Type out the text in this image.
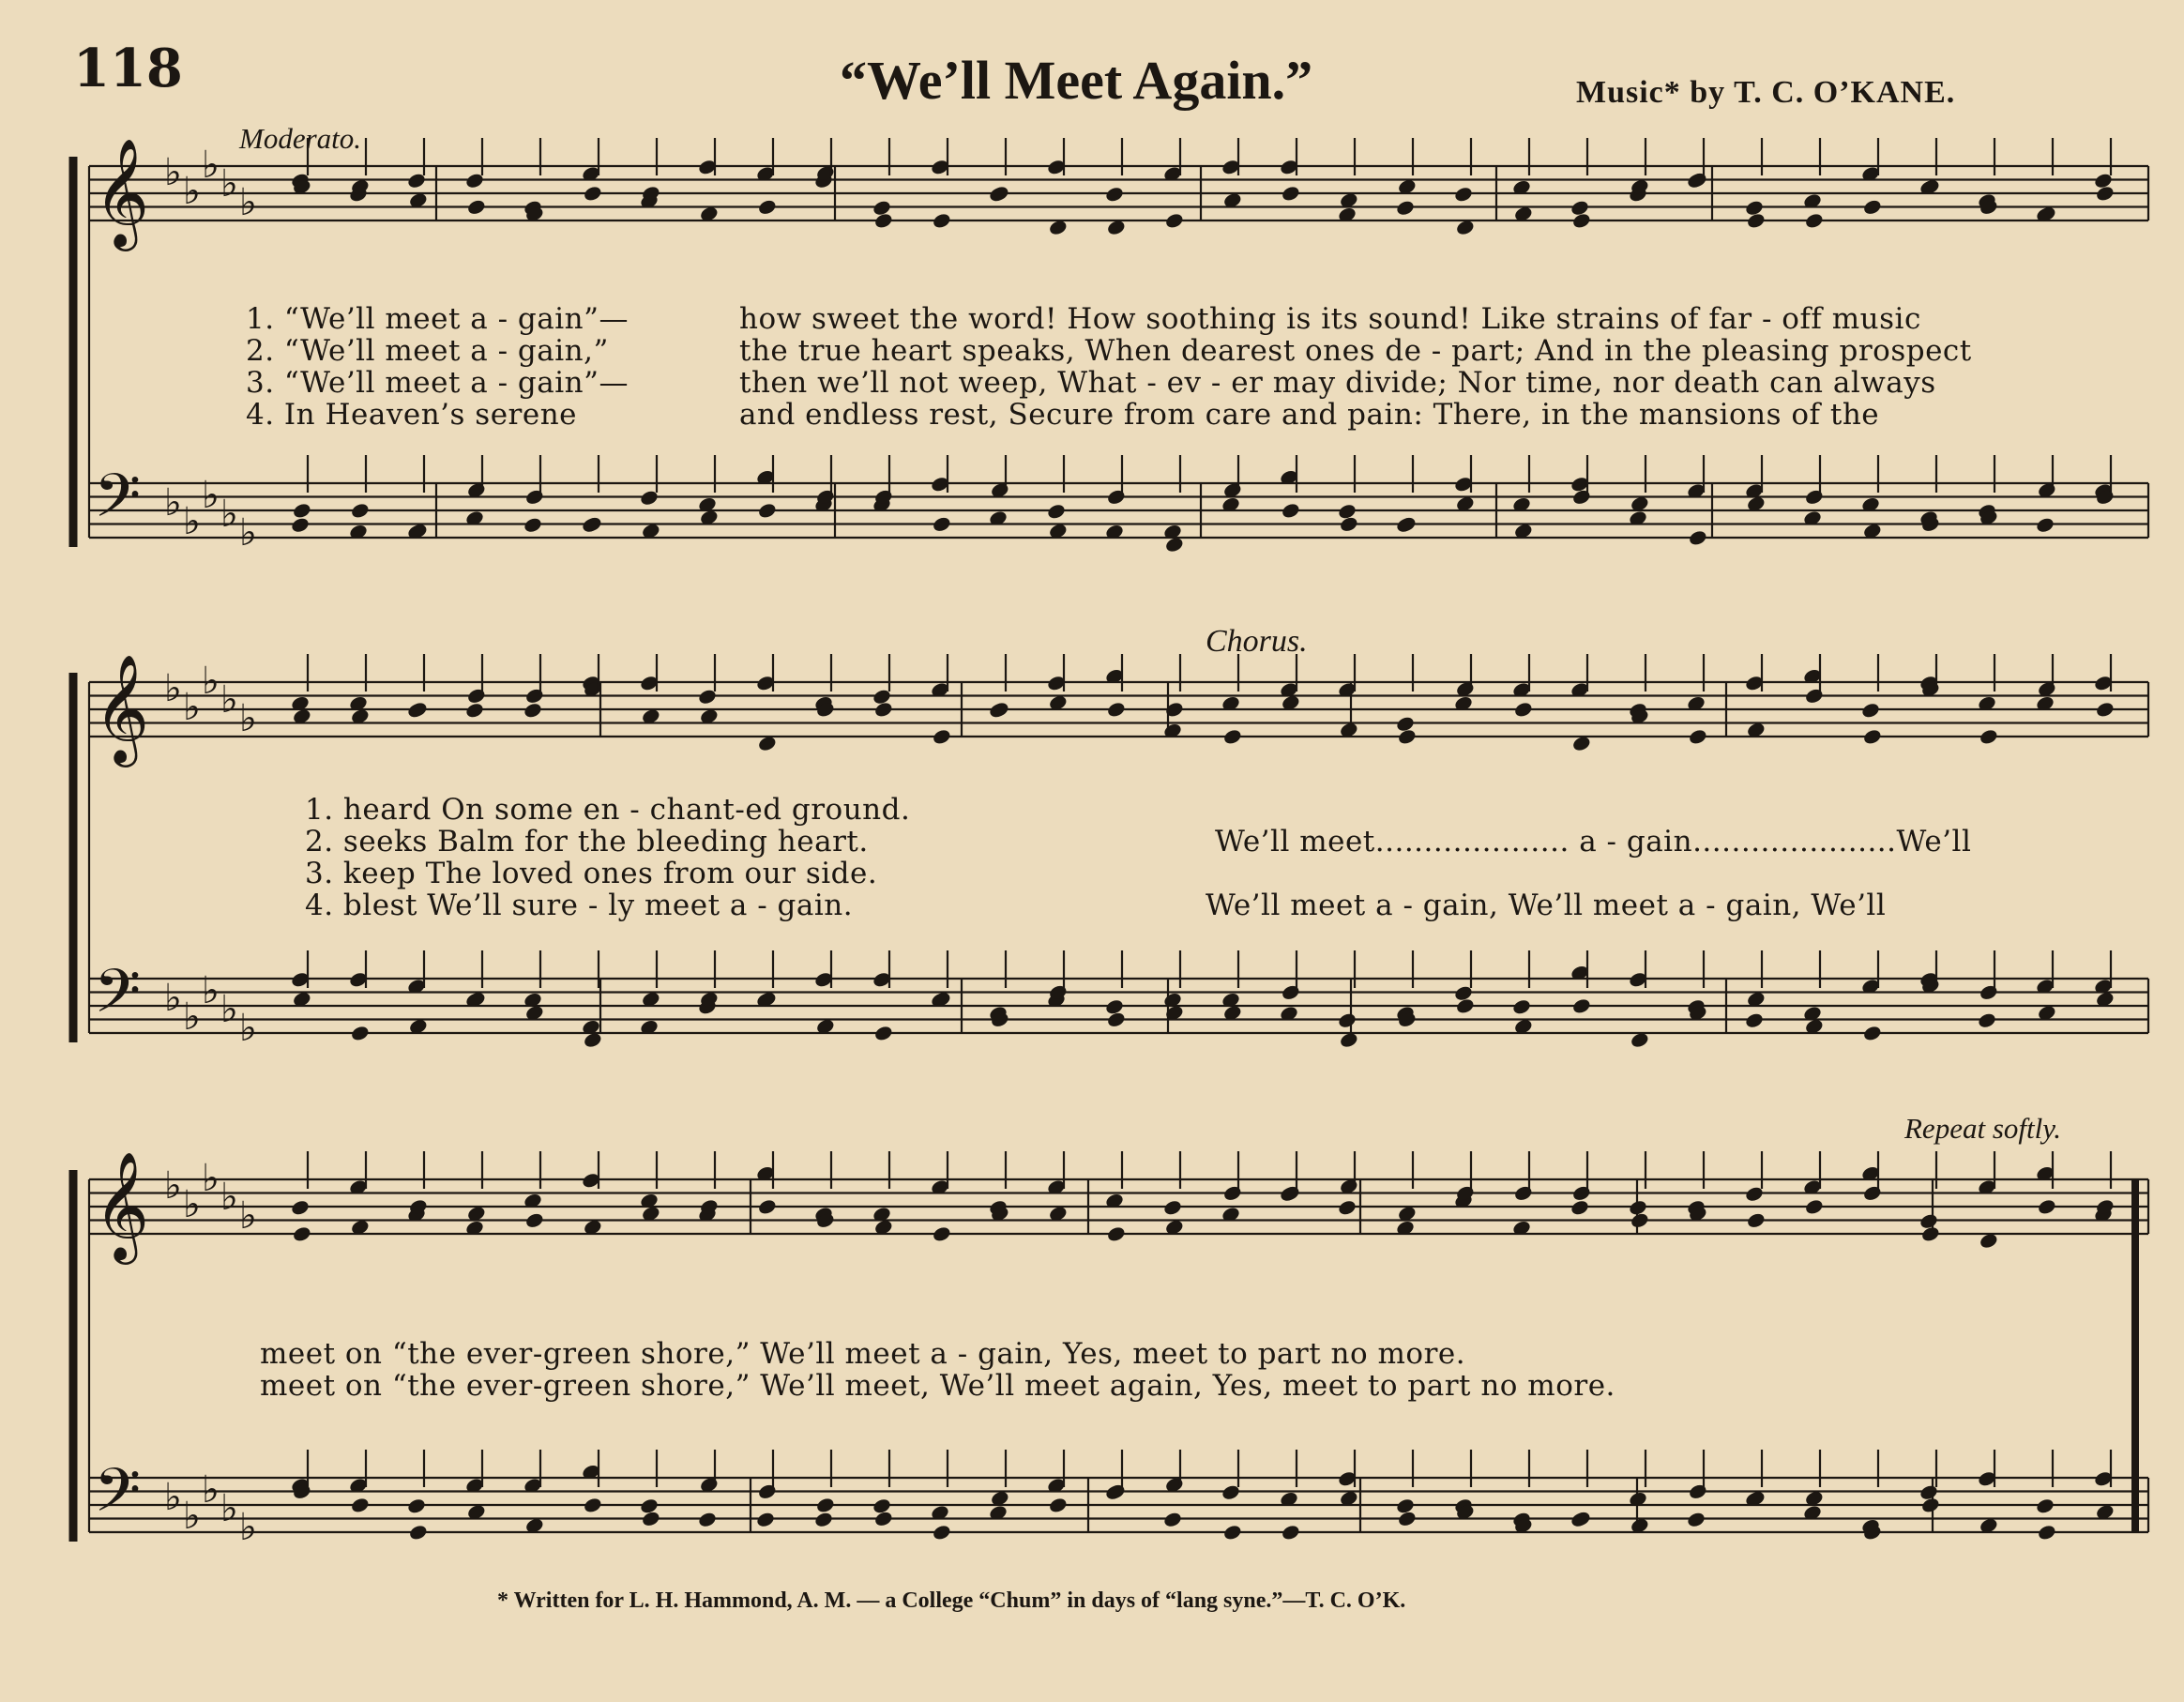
𝄞
𝄢
♭
♭
♭
♭
♭
♭
♭
♭
♭
♭
𝄞
𝄢
♭
♭
♭
♭
♭
♭
♭
♭
♭
♭
𝄞
𝄢
♭
♭
♭
♭
♭
♭
♭
♭
♭
♭
118	“We’ll Meet Again.”	Music* by T. C. O’KANE.
Moderato.
1. “We’ll meet a - gain”—	how sweet the word! How soothing is its sound! Like strains of far - off music
2. “We’ll meet a - gain,”	the true heart speaks, When dearest ones de - part; And in the pleasing prospect
3. “We’ll meet a - gain”—	then we’ll not weep, What - ev - er may divide; Nor time, nor death can always
4. In Heaven’s serene	and endless rest, Secure from care and pain: There, in the mansions of the
Chorus.
1. heard On some en - chant-ed ground.
2. seeks Balm for the bleeding heart.
3. keep The loved ones from our side.
4. blest We’ll sure - ly meet a - gain.
We’ll meet.................... a - gain.....................We’ll
We’ll meet a - gain, We’ll meet a - gain, We’ll
Repeat softly.
meet on “the ever-green shore,” We’ll meet a - gain, Yes, meet to part no more.
meet on “the ever-green shore,” We’ll meet, We’ll meet again, Yes, meet to part no more.
* Written for L. H. Hammond, A. M. — a College “Chum” in days of “lang syne.”—T. C. O’K.
